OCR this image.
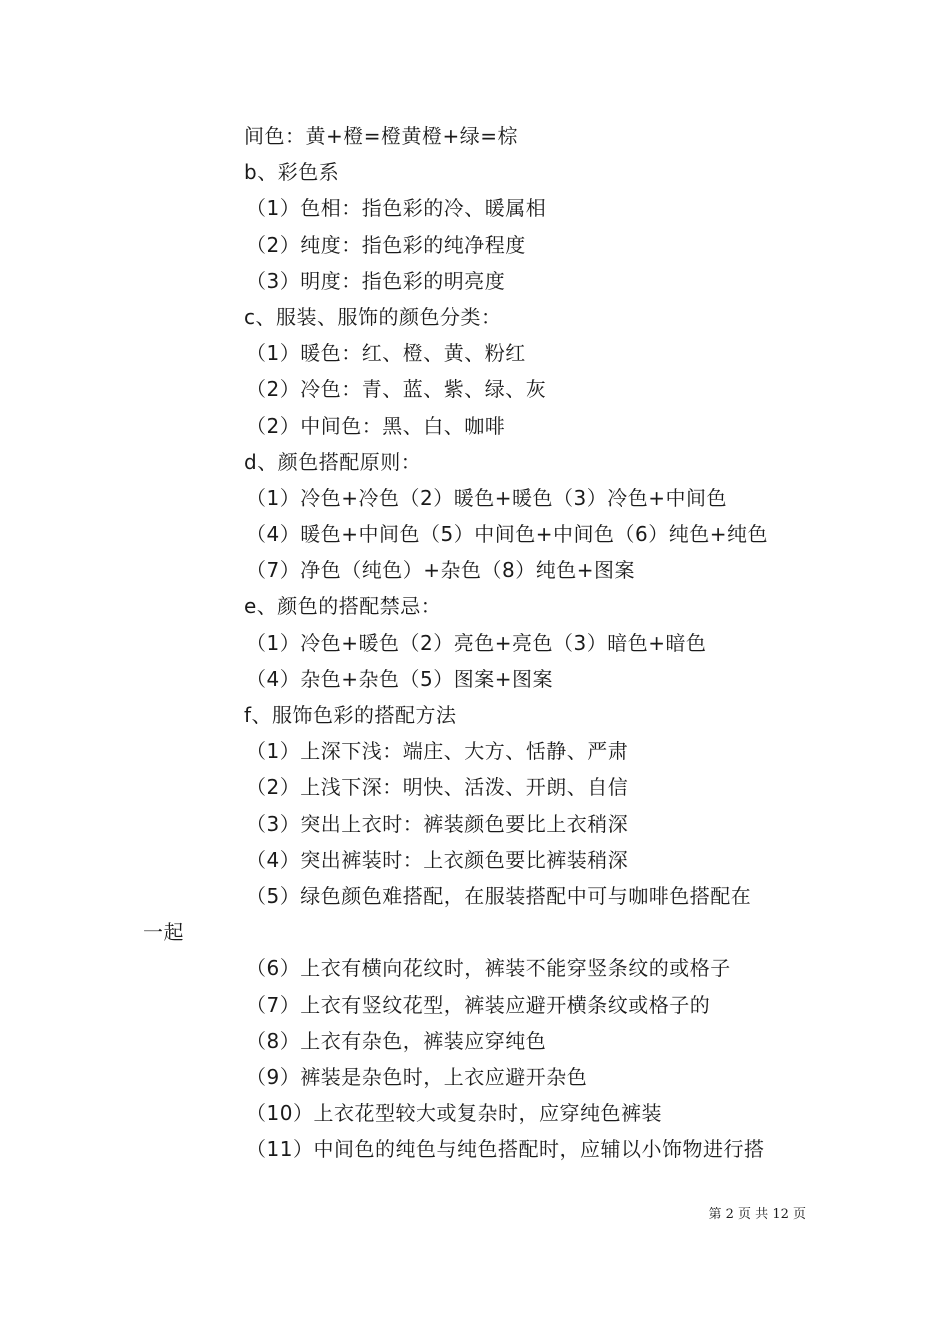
间色：黄+橙=橙黄橙+绿=棕
b、彩色系
（1）色相：指色彩的冷、暖属相
（2）纯度：指色彩的纯净程度
（3）明度：指色彩的明亮度
c、服装、服饰的颜色分类：
（1）暖色：红、橙、黄、粉红
（2）冷色：青、蓝、紫、绿、灰
（2）中间色：黑、白、咖啡
d、颜色搭配原则：
（1）冷色+冷色（2）暖色+暖色（3）冷色+中间色
（4）暖色+中间色（5）中间色+中间色（6）纯色+纯色
（7）净色（纯色）+杂色（8）纯色+图案
e、颜色的搭配禁忌：
（1）冷色+暖色（2）亮色+亮色（3）暗色+暗色
（4）杂色+杂色（5）图案+图案
f、服饰色彩的搭配方法
（1）上深下浅：端庄、大方、恬静、严肃
（2）上浅下深：明快、活泼、开朗、自信
（3）突出上衣时：裤装颜色要比上衣稍深
（4）突出裤装时：上衣颜色要比裤装稍深
（5）绿色颜色难搭配，在服装搭配中可与咖啡色搭配在
一起
（6）上衣有横向花纹时，裤装不能穿竖条纹的或格子
（7）上衣有竖纹花型，裤装应避开横条纹或格子的
（8）上衣有杂色，裤装应穿纯色
（9）裤装是杂色时，上衣应避开杂色
（10）上衣花型较大或复杂时，应穿纯色裤装
（11）中间色的纯色与纯色搭配时，应辅以小饰物进行搭
第 2 页 共 12 页
